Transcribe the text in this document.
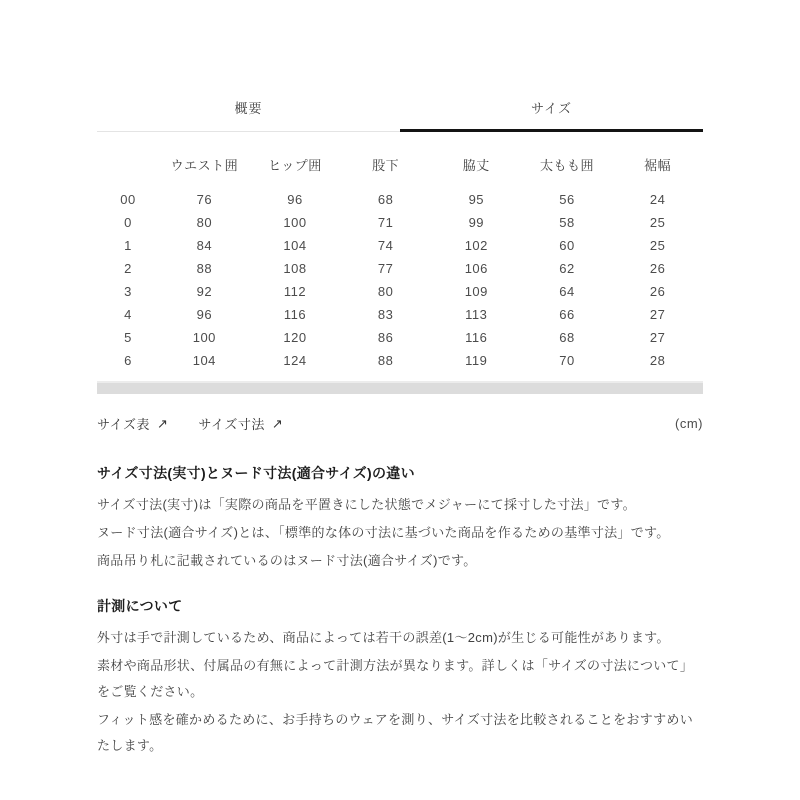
概要	サイズ
	ウエスト囲	ヒップ囲	股下	脇丈	太もも囲	裾幅
00	76	96	68	95	56	24
0	80	100	71	99	58	25
1	84	104	74	102	60	25
2	88	108	77	106	62	26
3	92	112	80	109	64	26
4	96	116	83	113	66	27
5	100	120	86	116	68	27
6	104	124	88	119	70	28
サイズ表 ↗ サイズ寸法 ↗	(cm)
サイズ寸法(実寸)とヌード寸法(適合サイズ)の違い

サイズ寸法(実寸)は「実際の商品を平置きにした状態でメジャーにて採寸した寸法」です。

ヌード寸法(適合サイズ)とは、「標準的な体の寸法に基づいた商品を作るための基準寸法」です。

商品吊り札に記載されているのはヌード寸法(適合サイズ)です。

計測について

外寸は手で計測しているため、商品によっては若干の誤差(1〜2cm)が生じる可能性があります。

素材や商品形状、付属品の有無によって計測方法が異なります。詳しくは「サイズの寸法について」をご覧ください。

フィット感を確かめるために、お手持ちのウェアを測り、サイズ寸法を比較されることをおすすめいたします。
